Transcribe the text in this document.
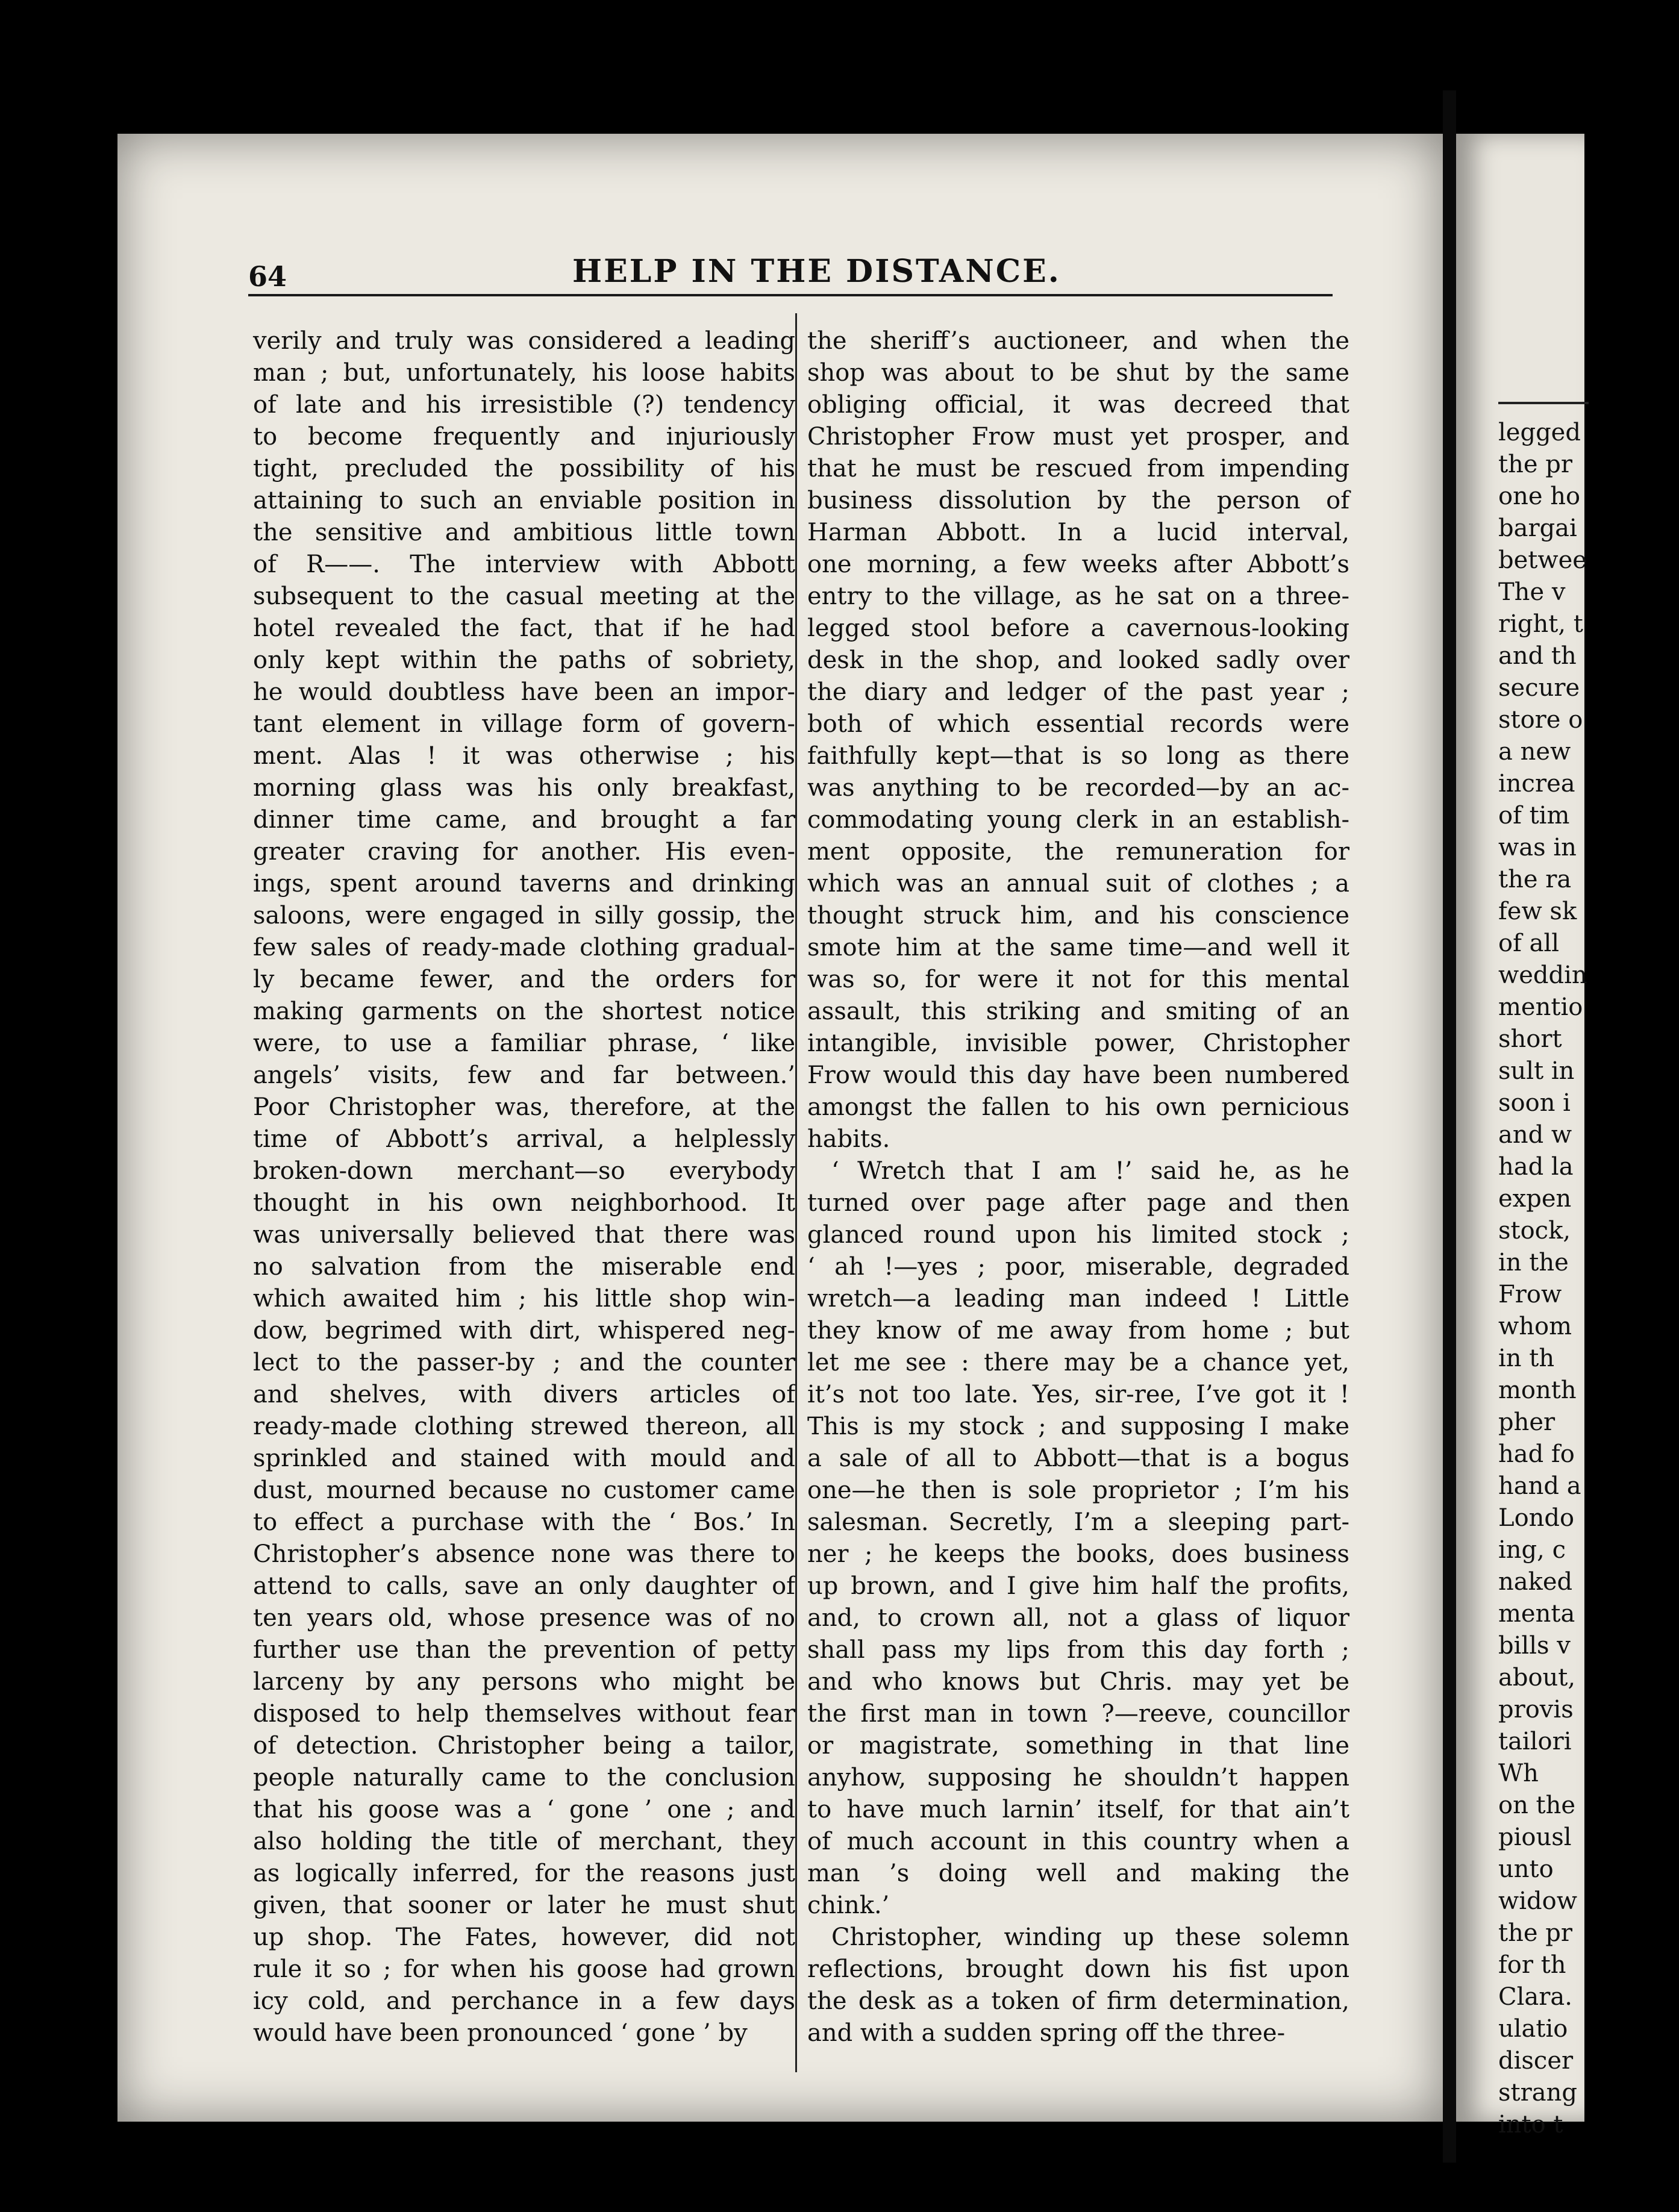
64	HELP IN THE DISTANCE.
verily and truly was considered a leading
man ; but, unfortunately, his loose habits
of late and his irresistible (?) tendency
to become frequently and injuriously
tight, precluded the possibility of his
attaining to such an enviable position in
the sensitive and ambitious little town
of R——. The interview with Abbott
subsequent to the casual meeting at the
hotel revealed the fact, that if he had
only kept within the paths of sobriety,
he would doubtless have been an impor-
tant element in village form of govern-
ment. Alas ! it was otherwise ; his
morning glass was his only breakfast,
dinner time came, and brought a far
greater craving for another. His even-
ings, spent around taverns and drinking
saloons, were engaged in silly gossip, the
few sales of ready-made clothing gradual-
ly became fewer, and the orders for
making garments on the shortest notice
were, to use a familiar phrase, ‘ like
angels’ visits, few and far between.’
Poor Christopher was, therefore, at the
time of Abbott’s arrival, a helplessly
broken-down merchant—so everybody
thought in his own neighborhood. It
was universally believed that there was
no salvation from the miserable end
which awaited him ; his little shop win-
dow, begrimed with dirt, whispered neg-
lect to the passer-by ; and the counter
and shelves, with divers articles of
ready-made clothing strewed thereon, all
sprinkled and stained with mould and
dust, mourned because no customer came
to effect a purchase with the ‘ Bos.’ In
Christopher’s absence none was there to
attend to calls, save an only daughter of
ten years old, whose presence was of no
further use than the prevention of petty
larceny by any persons who might be
disposed to help themselves without fear
of detection. Christopher being a tailor,
people naturally came to the conclusion
that his goose was a ‘ gone ’ one ; and
also holding the title of merchant, they
as logically inferred, for the reasons just
given, that sooner or later he must shut
up shop. The Fates, however, did not
rule it so ; for when his goose had grown
icy cold, and perchance in a few days
would have been pronounced ‘ gone ’ by
the sheriff’s auctioneer, and when the
shop was about to be shut by the same
obliging official, it was decreed that
Christopher Frow must yet prosper, and
that he must be rescued from impending
business dissolution by the person of
Harman Abbott. In a lucid interval,
one morning, a few weeks after Abbott’s
entry to the village, as he sat on a three-
legged stool before a cavernous-looking
desk in the shop, and looked sadly over
the diary and ledger of the past year ;
both of which essential records were
faithfully kept—that is so long as there
was anything to be recorded—by an ac-
commodating young clerk in an establish-
ment opposite, the remuneration for
which was an annual suit of clothes ; a
thought struck him, and his conscience
smote him at the same time—and well it
was so, for were it not for this mental
assault, this striking and smiting of an
intangible, invisible power, Christopher
Frow would this day have been numbered
amongst the fallen to his own pernicious
habits.
‘ Wretch that I am !’ said he, as he
turned over page after page and then
glanced round upon his limited stock ;
‘ ah !—yes ; poor, miserable, degraded
wretch—a leading man indeed ! Little
they know of me away from home ; but
let me see : there may be a chance yet,
it’s not too late. Yes, sir-ree, I’ve got it !
This is my stock ; and supposing I make
a sale of all to Abbott—that is a bogus
one—he then is sole proprietor ; I’m his
salesman. Secretly, I’m a sleeping part-
ner ; he keeps the books, does business
up brown, and I give him half the profits,
and, to crown all, not a glass of liquor
shall pass my lips from this day forth ;
and who knows but Chris. may yet be
the first man in town ?—reeve, councillor
or magistrate, something in that line
anyhow, supposing he shouldn’t happen
to have much larnin’ itself, for that ain’t
of much account in this country when a
man ’s doing well and making the
chink.’
Christopher, winding up these solemn
reflections, brought down his fist upon
the desk as a token of firm determination,
and with a sudden spring off the three-
legged
the pr
one ho
bargai
betwee
The v
right, t
and th
secure
store o
a new
increa
of tim
was in
the ra
few sk
of all
weddin
mentio
short
sult in
soon i
and w
had la
expen
stock,
in the
Frow
whom
in th
month
pher
had fo
hand a
Londo
ing, c
naked
menta
bills v
about,
provis
tailori
Wh
on the
piousl
unto
widow
the pr
for th
Clara.
ulatio
discer
strang
into t
